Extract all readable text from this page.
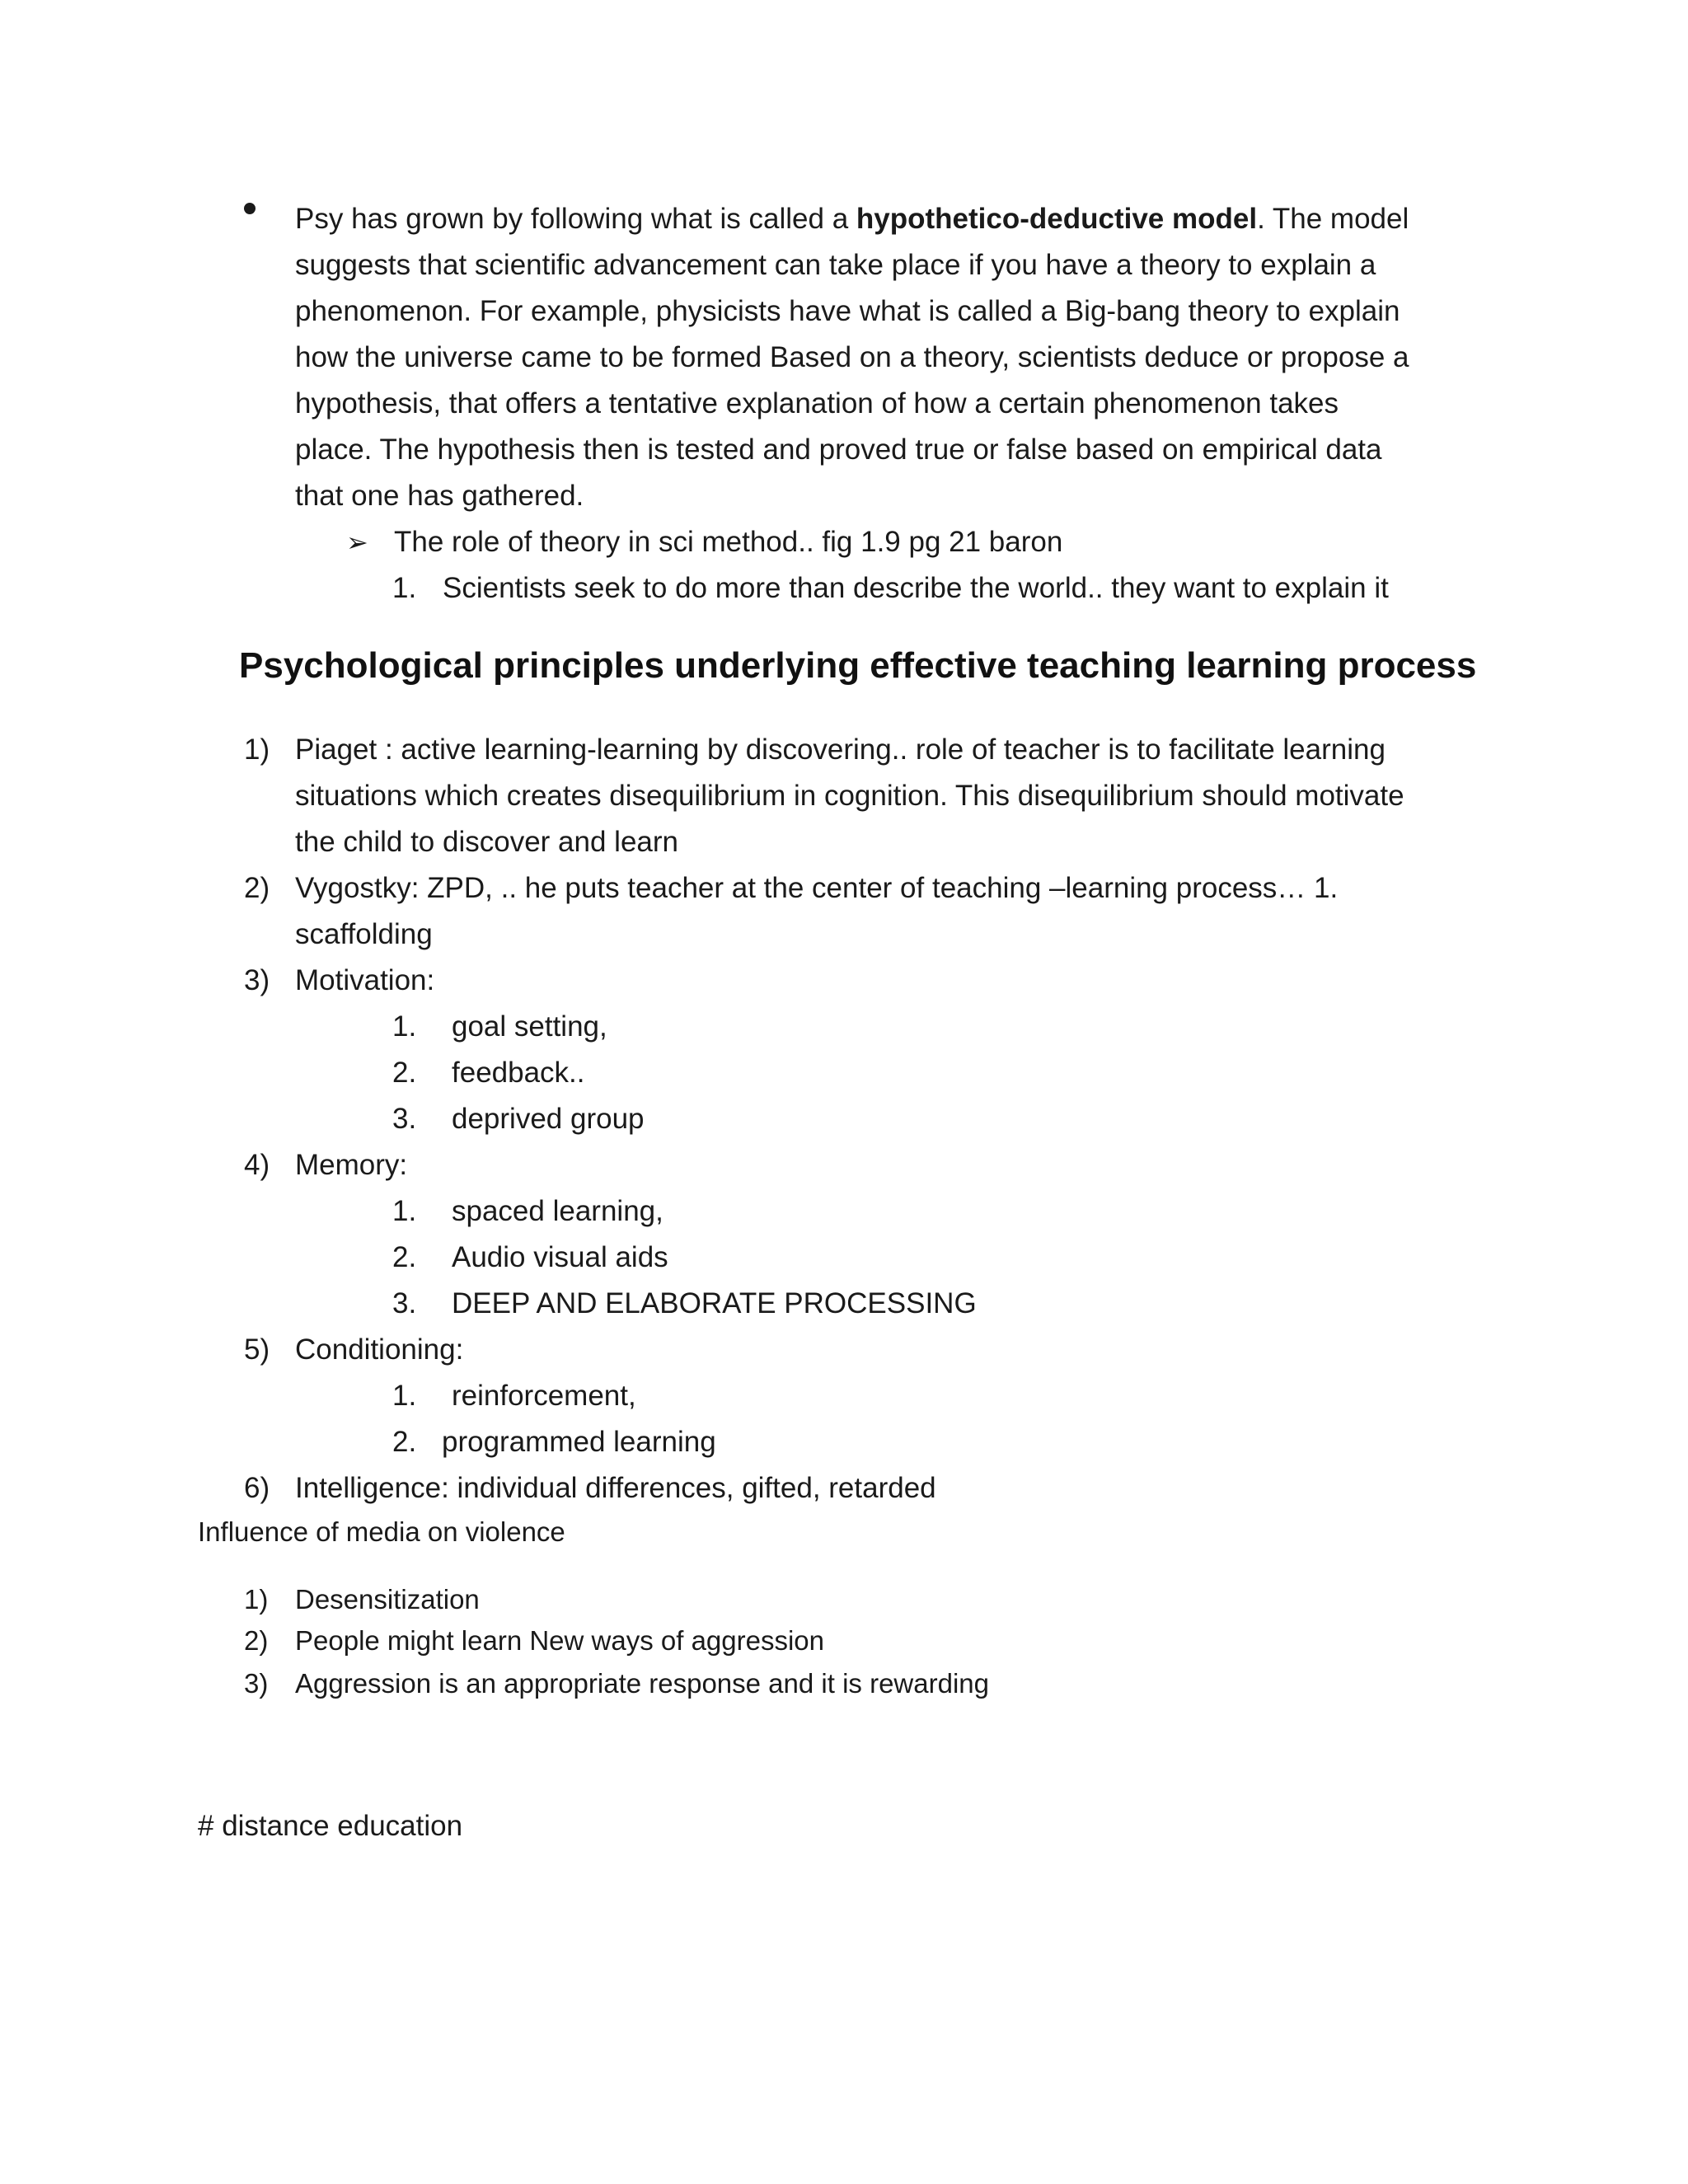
Psy has grown by following what is called a hypothetico-deductive model. The model
suggests that scientific advancement can take place if you have a theory to explain a
phenomenon. For example, physicists have what is called a Big-bang theory to explain
how the universe came to be formed Based on a theory, scientists deduce or propose a
hypothesis, that offers a tentative explanation of how a certain phenomenon takes
place. The hypothesis then is tested and proved true or false based on empirical data
that one has gathered.
➢ The role of theory in sci method.. fig 1.9 pg 21 baron
1. Scientists seek to do more than describe the world.. they want to explain it
Psychological principles underlying effective teaching learning process
1) Piaget : active learning-learning by discovering.. role of teacher is to facilitate learning
situations which creates disequilibrium in cognition. This disequilibrium should motivate
the child to discover and learn
2) Vygostky: ZPD, .. he puts teacher at the center of teaching –learning process… 1.
scaffolding
3) Motivation:
1. goal setting,
2. feedback..
3. deprived group
4) Memory:
1. spaced learning,
2. Audio visual aids
3. DEEP AND ELABORATE PROCESSING
5) Conditioning:
1. reinforcement,
2. programmed learning
6) Intelligence: individual differences, gifted, retarded
Influence of media on violence
1) Desensitization
2) People might learn New ways of aggression
3) Aggression is an appropriate response and it is rewarding
# distance education
